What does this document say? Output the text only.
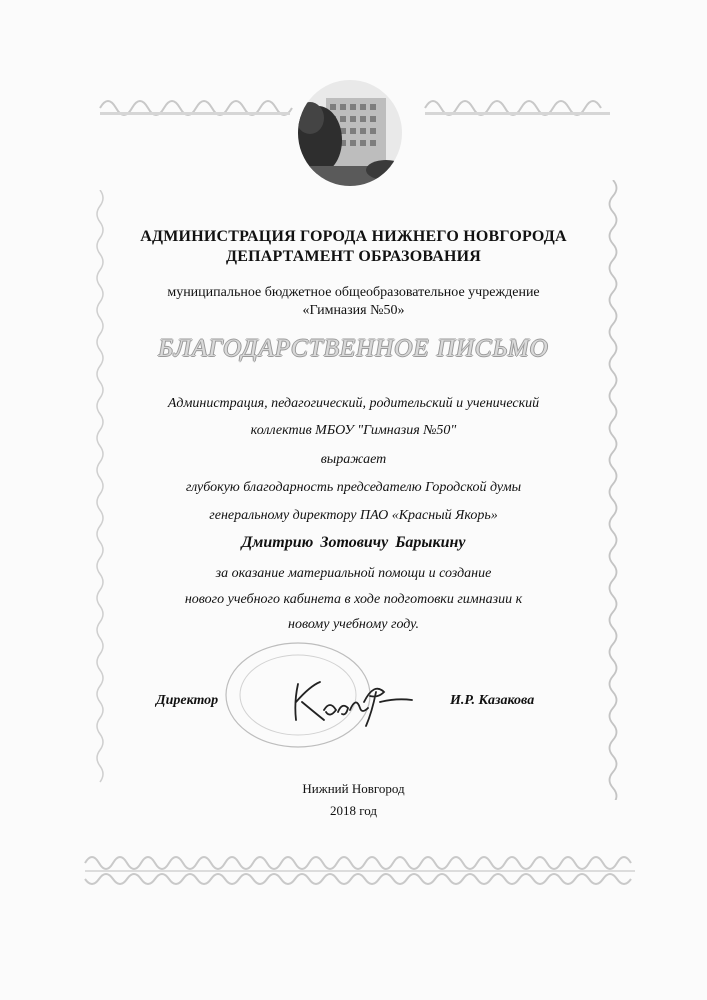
АДМИНИСТРАЦИЯ ГОРОДА НИЖНЕГО НОВГОРОДА
ДЕПАРТАМЕНТ ОБРАЗОВАНИЯ
муниципальное бюджетное общеобразовательное учреждение
«Гимназия №50»
БЛАГОДАРСТВЕННОЕ ПИСЬМО
Администрация, педагогический, родительский и ученический
коллектив МБОУ "Гимназия №50"
выражает
глубокую благодарность председателю Городской думы
генеральному директору ПАО «Красный Якорь»
Дмитрию Зотовичу Барыкину
за оказание материальной помощи и создание
нового учебного кабинета в ходе подготовки гимназии к
новому учебному году.
Директор	И.Р. Казакова
Нижний Новгород
2018 год
